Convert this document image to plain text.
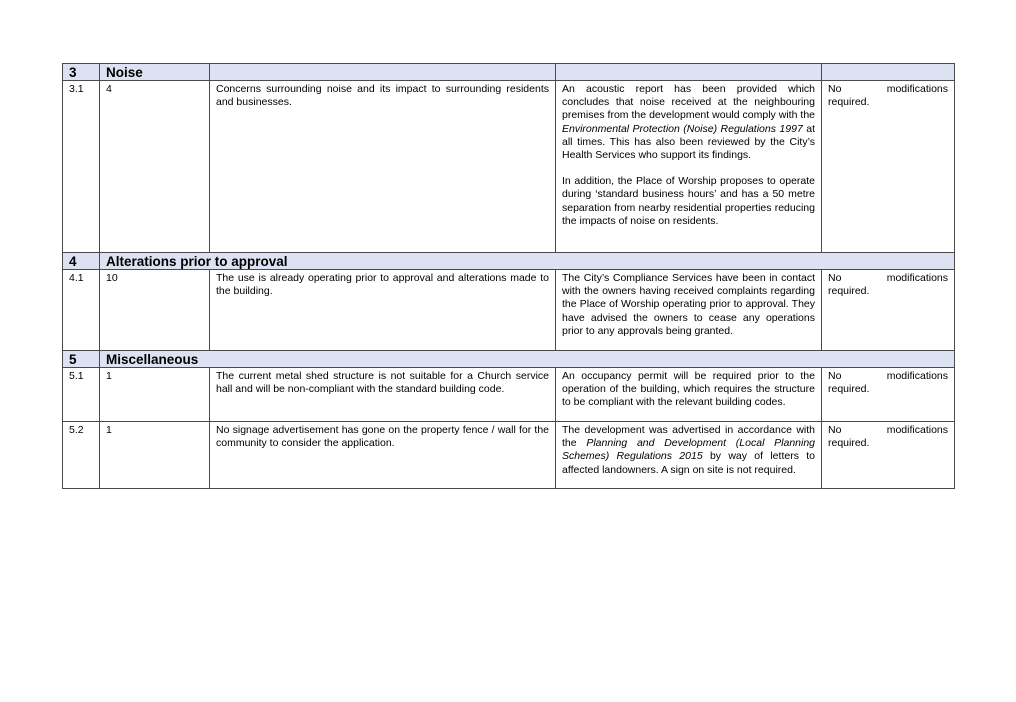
3	Noise			
3.1	4	Concerns surrounding noise and its impact to surrounding residents and businesses.	An acoustic report has been provided which concludes that noise received at the neighbouring premises from the development would comply with the Environmental Protection (Noise) Regulations 1997 at all times. This has also been reviewed by the City’s Health Services who support its findings.

In addition, the Place of Worship proposes to operate during ‘standard business hours’ and has a 50 metre separation from nearby residential properties reducing the impacts of noise on residents.	No modifications required.
4	Alterations prior to approval			
4.1	10	The use is already operating prior to approval and alterations made to the building.	The City’s Compliance Services have been in contact with the owners having received complaints regarding the Place of Worship operating prior to approval. They have advised the owners to cease any operations prior to any approvals being granted.	No modifications required.
5	Miscellaneous			
5.1	1	The current metal shed structure is not suitable for a Church service hall and will be non-compliant with the standard building code.	An occupancy permit will be required prior to the operation of the building, which requires the structure to be compliant with the relevant building codes.	No modifications required.
5.2	1	No signage advertisement has gone on the property fence / wall for the community to consider the application.	The development was advertised in accordance with the Planning and Development (Local Planning Schemes) Regulations 2015 by way of letters to affected landowners. A sign on site is not required.	No modifications required.
